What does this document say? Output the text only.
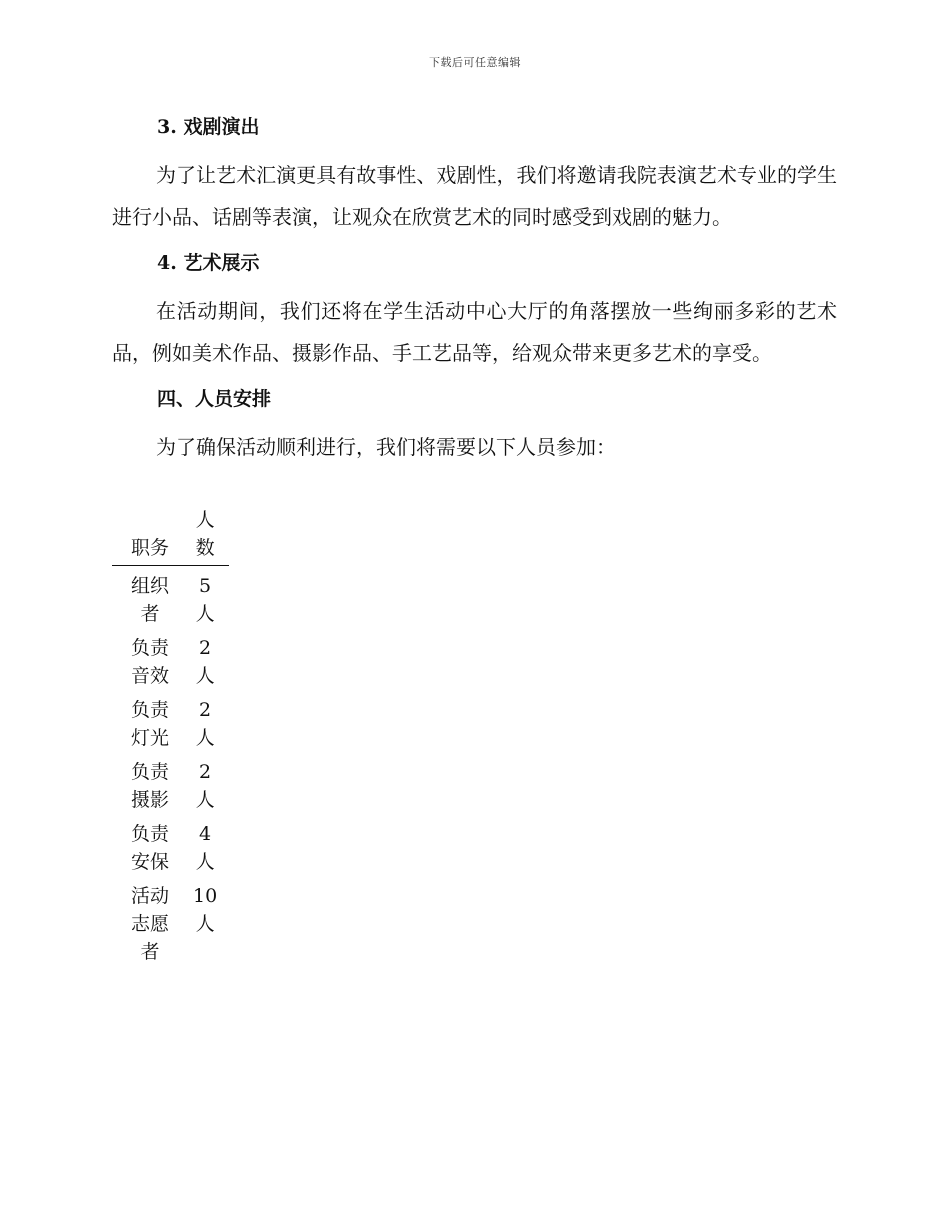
下载后可任意编辑
3. 戏剧演出

为了让艺术汇演更具有故事性、戏剧性，我们将邀请我院表演艺术专业的学生进行小品、话剧等表演，让观众在欣赏艺术的同时感受到戏剧的魅力。

4. 艺术展示

在活动期间，我们还将在学生活动中心大厅的角落摆放一些绚丽多彩的艺术品，例如美术作品、摄影作品、手工艺品等，给观众带来更多艺术的享受。

四、人员安排

为了确保活动顺利进行，我们将需要以下人员参加：

职务	人数
组织者	5人
负责音效	2人
负责灯光	2人
负责摄影	2人
负责安保	4人
活动志愿者	10人
